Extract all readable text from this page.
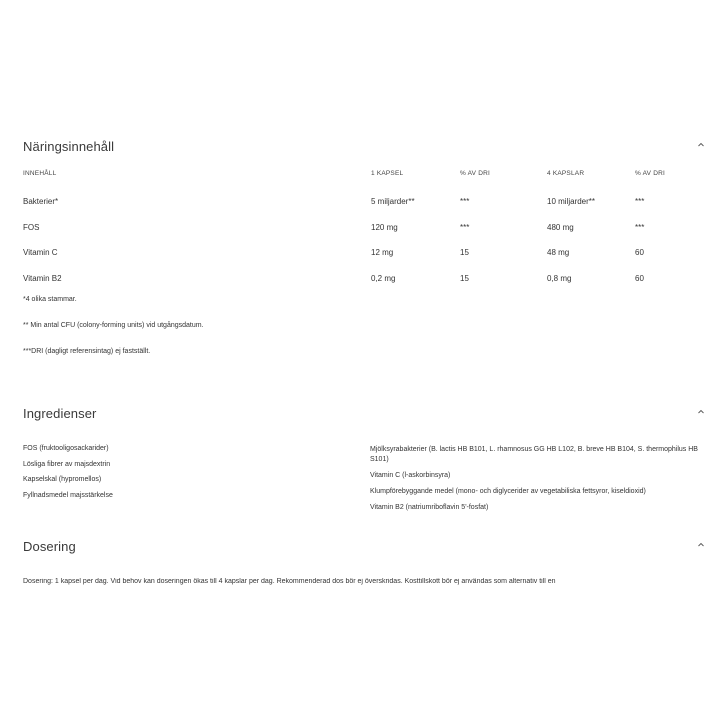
Näringsinnehåll
INNEHÅLL	1 KAPSEL	% AV DRI	4 KAPSLAR	% AV DRI
Bakterier*	5 miljarder**	***	10 miljarder**	***
FOS	120 mg	***	480 mg	***
Vitamin C	12 mg	15	48 mg	60
Vitamin B2	0,2 mg	15	0,8 mg	60
*4 olika stammar.
** Min antal CFU (colony-forming units) vid utgångsdatum.
***DRI (dagligt referensintag) ej fastställt.
Ingredienser
FOS (fruktooligosackarider)
Lösliga fibrer av majsdextrin
Kapselskal (hypromellos)
Fyllnadsmedel majsstärkelse
Mjölksyrabakterier (B. lactis HB B101, L. rhamnosus GG HB L102, B. breve HB B104, S. thermophilus HB S101)
Vitamin C (l-askorbinsyra)
Klumpförebyggande medel (mono- och diglycerider av vegetabiliska fettsyror, kiseldioxid)
Vitamin B2 (natriumriboflavin 5'-fosfat)
Dosering
Dosering: 1 kapsel per dag. Vid behov kan doseringen ökas till 4 kapslar per dag. Rekommenderad dos bör ej överskridas. Kosttillskott bör ej användas som alternativ till en
